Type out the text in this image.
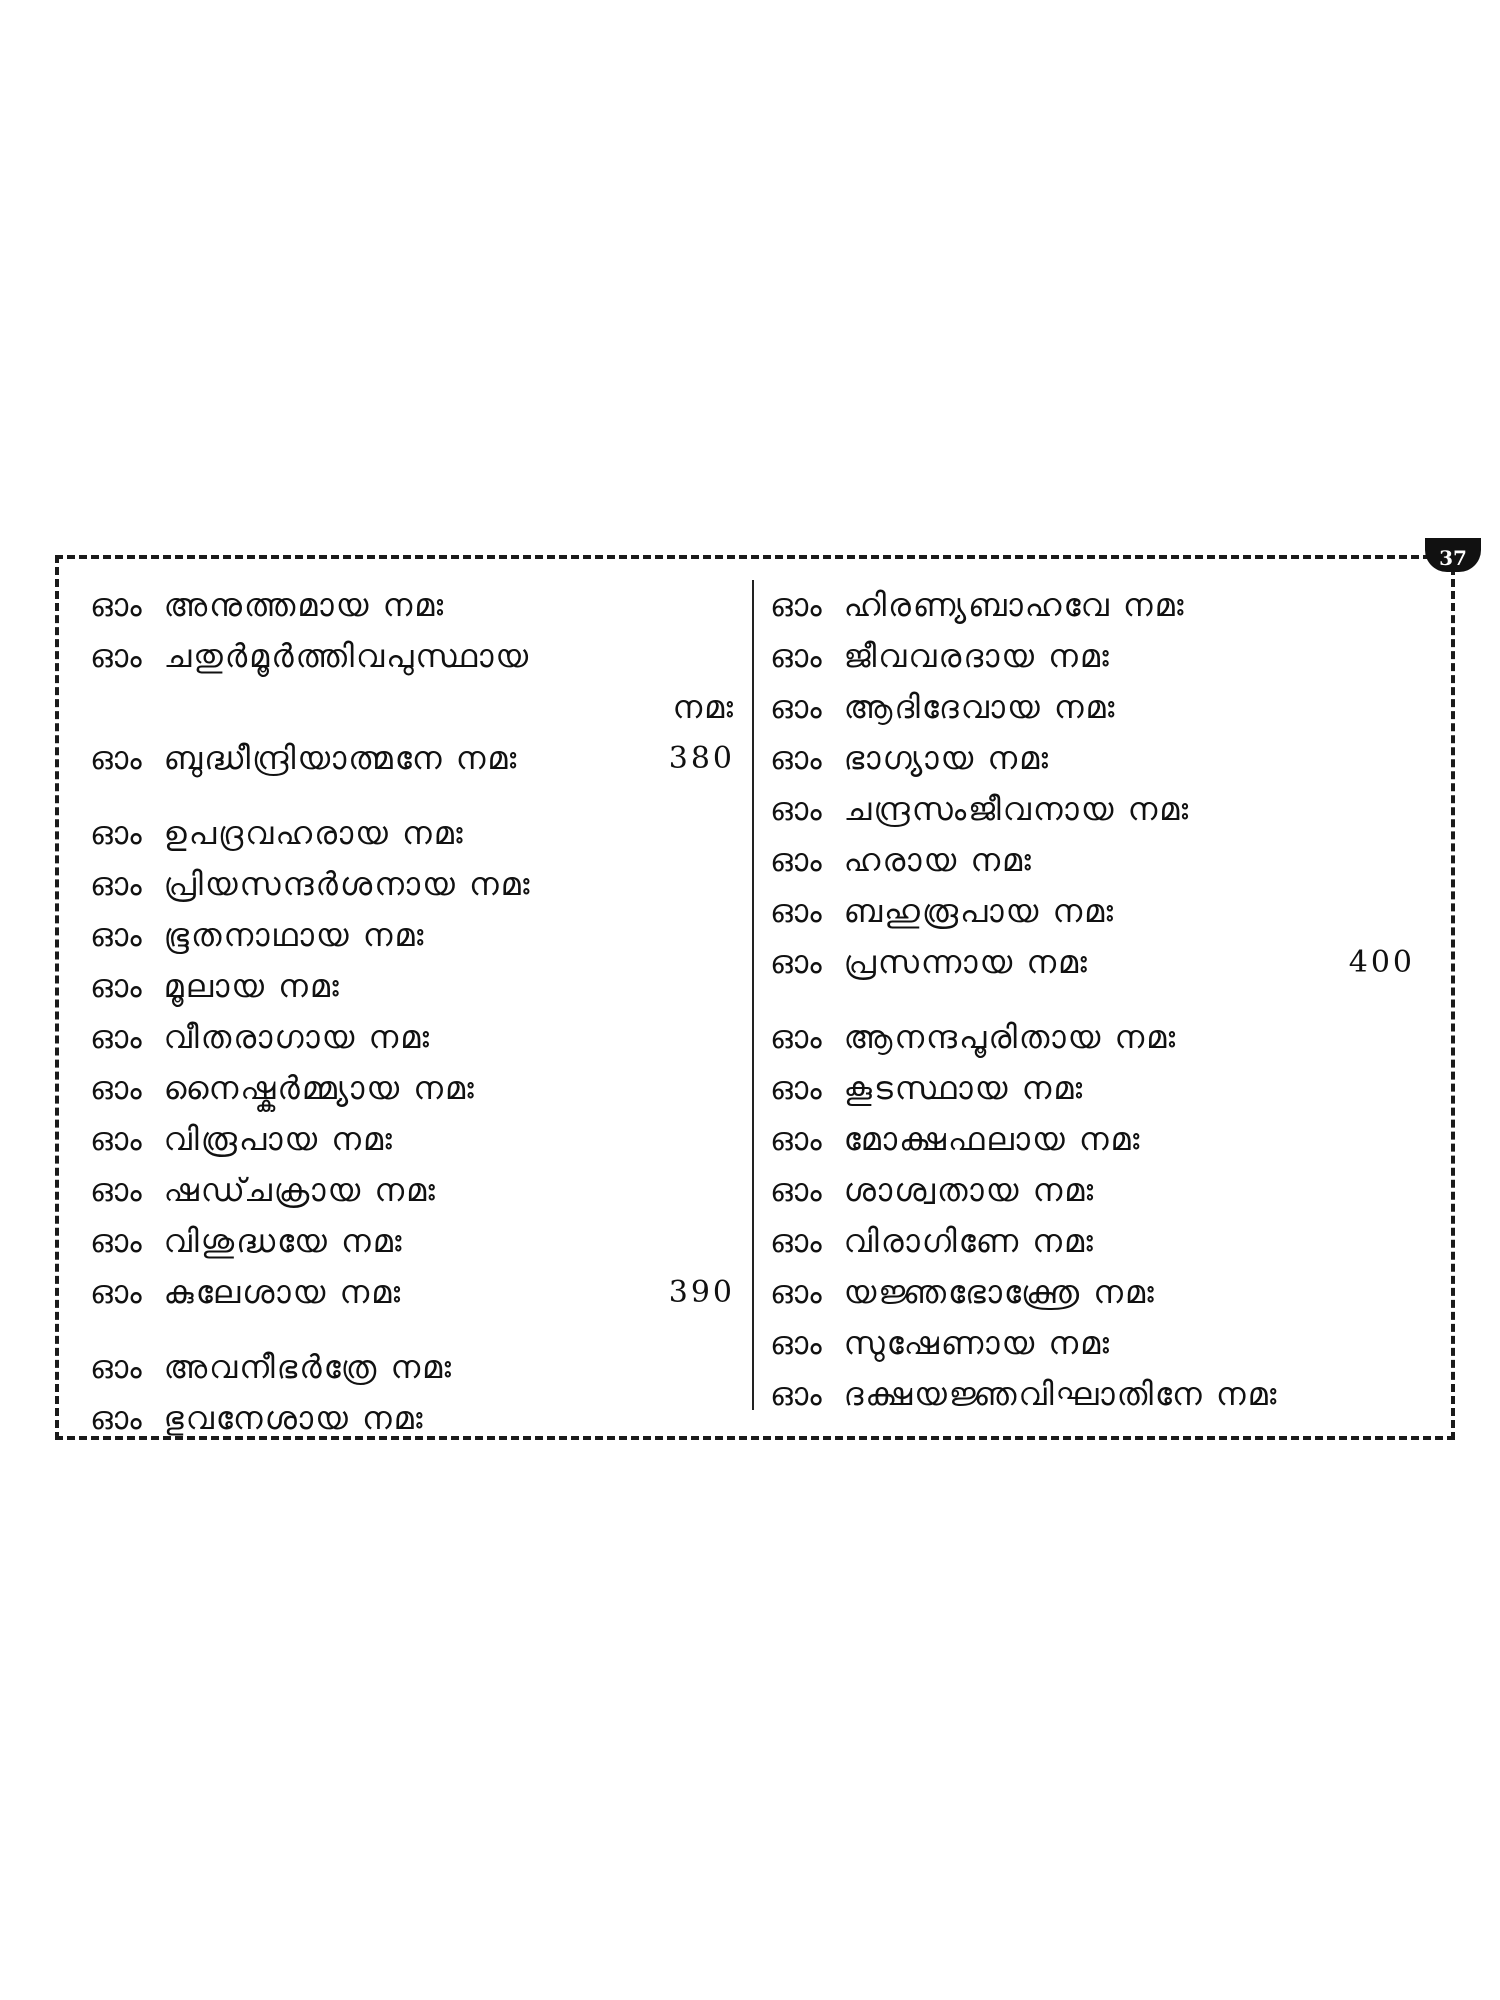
37
ഓം അനുത്തമായ നമഃ
ഓം ചതുർമൂർത്തിവപുസ്ഥായ
നമഃ
ഓം ബുദ്ധീന്ദ്രിയാത്മനേ നമഃ	380
ഓം ഉപദ്രവഹരായ നമഃ
ഓം പ്രിയസന്ദർശനായ നമഃ
ഓം ഭൂതനാഥായ നമഃ
ഓം മൂലായ നമഃ
ഓം വീതരാഗായ നമഃ
ഓം നൈഷ്കർമ്മ്യായ നമഃ
ഓം വിരൂപായ നമഃ
ഓം ഷഡ്ചക്രായ നമഃ
ഓം വിശുദ്ധയേ നമഃ
ഓം കുലേശായ നമഃ	390
ഓം അവനീഭർത്രേ നമഃ
ഓം ഭുവനേശായ നമഃ
ഓം ഹിരണ്യബാഹവേ നമഃ
ഓം ജീവവരദായ നമഃ
ഓം ആദിദേവായ നമഃ
ഓം ഭാഗ്യായ നമഃ
ഓം ചന്ദ്രസംജീവനായ നമഃ
ഓം ഹരായ നമഃ
ഓം ബഹുരൂപായ നമഃ
ഓം പ്രസന്നായ നമഃ	400
ഓം ആനന്ദപൂരിതായ നമഃ
ഓം കൂടസ്ഥായ നമഃ
ഓം മോക്ഷഫലായ നമഃ
ഓം ശാശ്വതായ നമഃ
ഓം വിരാഗിണേ നമഃ
ഓം യജ്ഞഭോക്ത്രേ നമഃ
ഓം സുഷേണായ നമഃ
ഓം ദക്ഷയജ്ഞവിഘാതിനേ നമഃ
